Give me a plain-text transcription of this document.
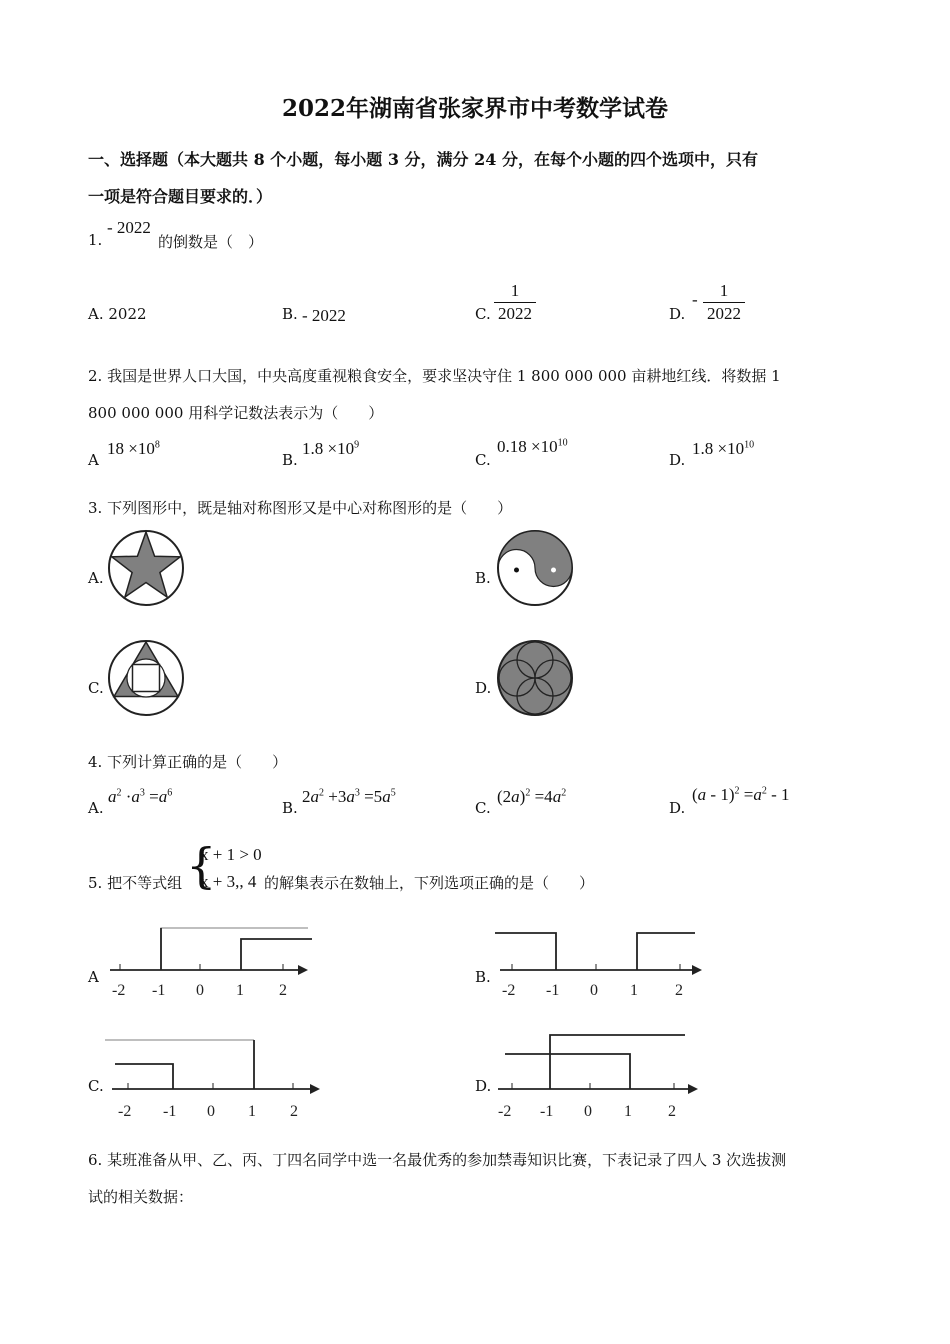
2022年湖南省张家界市中考数学试卷
一、选择题（本大题共 8 个小题，每小题 3 分，满分 24 分，在每个小题的四个选项中，只有
一项是符合题目要求的．）
1.
- 2022
的倒数是（　）
A. 2022	B. - 2022	C. $\frac{1}{2022}$	D.
- $\frac{1}{2022}$
2. 我国是世界人口大国，中央高度重视粮食安全，要求坚决守住 1 800 000 000 亩耕地红线．将数据 1
800 000 000 用科学记数法表示为（　　）
A
$18 \times 10^8$
B.
$1.8 \times 10^9$
C.
$0.18 \times 10^{10}$
D.
$1.8 \times 10^{10}$
3. 下列图形中，既是轴对称图形又是中心对称图形的是（　　）
A.	B.
C.	D.
4. 下列计算正确的是（　　）
A.
$a^2 \cdot a^3 =a^6$
B.
$2a^2 +3a^3 =5a^5$
C.
$(2a)^2 =4a^2$
D.
$(a - 1)^2 =a^2 - 1$
5. 把不等式组 {
x + 1 > 0
x + 3,, 4 的解集表示在数轴上，下列选项正确的是（　　）
A
-2 -1 0 1 2
B.
-2 -1 0 1 2
C.
-2 -1 0 1 2
D.
-2 -1 0 1 2
6. 某班准备从甲、乙、丙、丁四名同学中选一名最优秀的参加禁毒知识比赛，下表记录了四人 3 次选拔测
试的相关数据：
